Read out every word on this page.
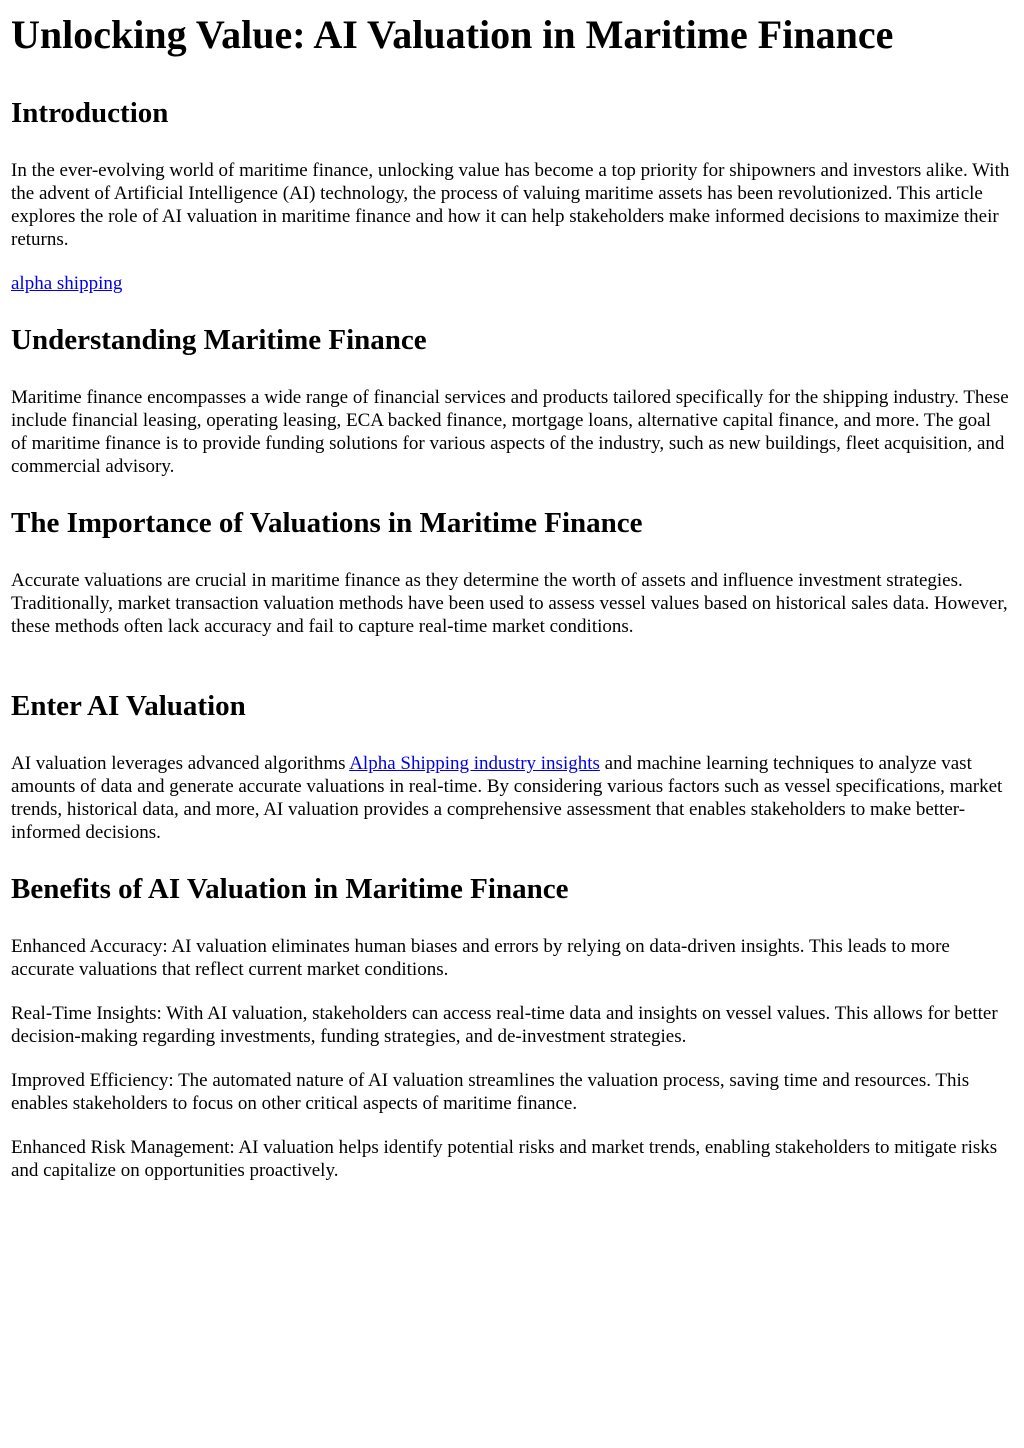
Unlocking Value: AI Valuation in Maritime Finance
Introduction

In the ever-evolving world of maritime finance, unlocking value has become a top priority for shipowners and investors alike. With the advent of Artificial Intelligence (AI) technology, the process of valuing maritime assets has been revolutionized. This article explores the role of AI valuation in maritime finance and how it can help stakeholders make informed decisions to maximize their returns.

alpha shipping

Understanding Maritime Finance

Maritime finance encompasses a wide range of financial services and products tailored specifically for the shipping industry. These include financial leasing, operating leasing, ECA backed finance, mortgage loans, alternative capital finance, and more. The goal of maritime finance is to provide funding solutions for various aspects of the industry, such as new buildings, fleet acquisition, and commercial advisory.

The Importance of Valuations in Maritime Finance

Accurate valuations are crucial in maritime finance as they determine the worth of assets and influence investment strategies. Traditionally, market transaction valuation methods have been used to assess vessel values based on historical sales data. However, these methods often lack accuracy and fail to capture real-time market conditions.

Enter AI Valuation

AI valuation leverages advanced algorithms Alpha Shipping industry insights and machine learning techniques to analyze vast amounts of data and generate accurate valuations in real-time. By considering various factors such as vessel specifications, market trends, historical data, and more, AI valuation provides a comprehensive assessment that enables stakeholders to make better-informed decisions.

Benefits of AI Valuation in Maritime Finance

Enhanced Accuracy: AI valuation eliminates human biases and errors by relying on data-driven insights. This leads to more accurate valuations that reflect current market conditions.

Real-Time Insights: With AI valuation, stakeholders can access real-time data and insights on vessel values. This allows for better decision-making regarding investments, funding strategies, and de-investment strategies.

Improved Efficiency: The automated nature of AI valuation streamlines the valuation process, saving time and resources. This enables stakeholders to focus on other critical aspects of maritime finance.

Enhanced Risk Management: AI valuation helps identify potential risks and market trends, enabling stakeholders to mitigate risks and capitalize on opportunities proactively.
